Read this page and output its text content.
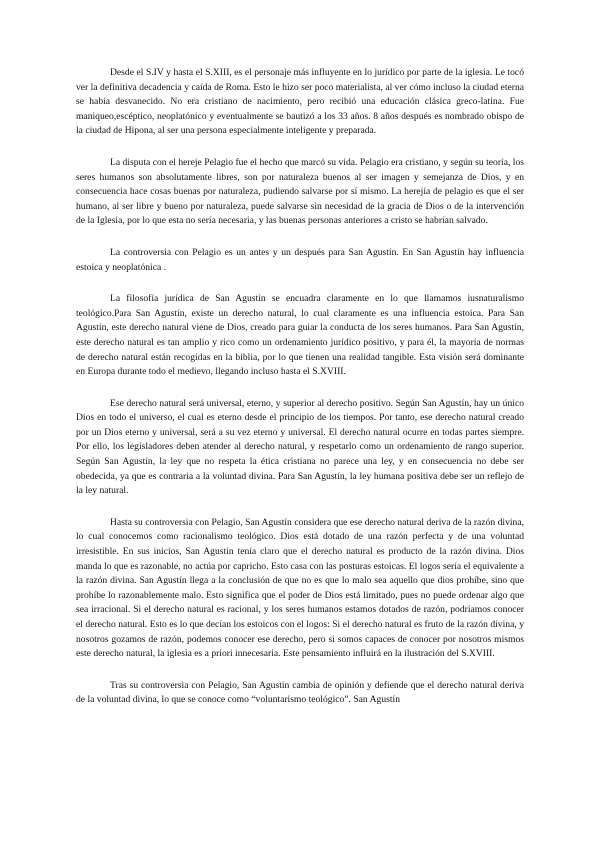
Desde el S.IV y hasta el S.XIII, es el personaje más influyente en lo jurídico por parte de la iglesia. Le tocó ver la definitiva decadencia y caída de Roma. Esto le hizo ser poco materialista, al ver cómo incluso la ciudad eterna se había desvanecido. No era cristiano de nacimiento, pero recibió una educación clásica greco-latina. Fue maniqueo,escéptico, neoplatónico y eventualmente se bautizó a los 33 años. 8 años después es nombrado obispo de la ciudad de Hipona, al ser una persona especialmente inteligente y preparada.

La disputa con el hereje Pelagio fue el hecho que marcó su vida. Pelagio era cristiano, y según su teoría, los seres humanos son absolutamente libres, son por naturaleza buenos al ser imagen y semejanza de Dios, y en consecuencia hace cosas buenas por naturaleza, pudiendo salvarse por sí mismo. La herejía de pelagio es que el ser humano, al ser libre y bueno por naturaleza, puede salvarse sin necesidad de la gracia de Dios o de la intervención de la Iglesia, por lo que esta no sería necesaria, y las buenas personas anteriores a cristo se habrían salvado.

La controversia con Pelagio es un antes y un después para San Agustín. En San Agustín hay influencia estoica y neoplatónica .

La filosofía jurídica de San Agustín se encuadra claramente en lo que llamamos iusnaturalismo teológico.Para San Agustín, existe un derecho natural, lo cual claramente es una influencia estoica. Para San Agustín, este derecho natural viene de Dios, creado para guiar la conducta de los seres humanos. Para San Agustín, este derecho natural es tan amplio y rico como un ordenamiento jurídico positivo, y para él, la mayoría de normas de derecho natural están recogidas en la biblia, por lo que tienen una realidad tangible. Esta visión será dominante en Europa durante todo el medievo, llegando incluso hasta el S.XVIII.

Ese derecho natural será universal, eterno, y superior al derecho positivo. Según San Agustín, hay un único Dios en todo el universo, el cual es eterno desde el principio de los tiempos. Por tanto, ese derecho natural creado por un Dios eterno y universal, será a su vez eterno y universal. El derecho natural ocurre en todas partes siempre. Por ello, los legisladores deben atender al derecho natural, y respetarlo como un ordenamiento de rango superior. Según San Agustín, la ley que no respeta la ética cristiana no parece una ley, y en consecuencia no debe ser obedecida, ya que es contraria a la voluntad divina. Para San Agustín, la ley humana positiva debe ser un reflejo de la ley natural.

Hasta su controversia con Pelagio, San Agustín considera que ese derecho natural deriva de la razón divina, lo cual conocemos como racionalismo teológico. Dios está dotado de una razón perfecta y de una voluntad irresistible. En sus inicios, San Agustín tenía claro que el derecho natural es producto de la razón divina. Dios manda lo que es razonable, no actúa por capricho. Esto casa con las posturas estoicas. El logos sería el equivalente a la razón divina. San Agustín llega a la conclusión de que no es que lo malo sea aquello que dios prohíbe, sino que prohíbe lo razonablemente malo. Esto significa que el poder de Dios está limitado, pues no puede ordenar algo que sea irracional. Si el derecho natural es racional, y los seres humanos estamos dotados de razón, podríamos conocer el derecho natural. Esto es lo que decían los estoicos con el logos: Si el derecho natural es fruto de la razón divina, y nosotros gozamos de razón, podemos conocer ese derecho, pero si somos capaces de conocer por nosotros mismos este derecho natural, la iglesia es a priori innecesaria. Este pensamiento influirá en la ilustración del S.XVIII.

Tras su controversia con Pelagio, San Agustín cambia de opinión y defiende que el derecho natural deriva de la voluntad divina, lo que se conoce como “voluntarismo teológico”. San Agustín
